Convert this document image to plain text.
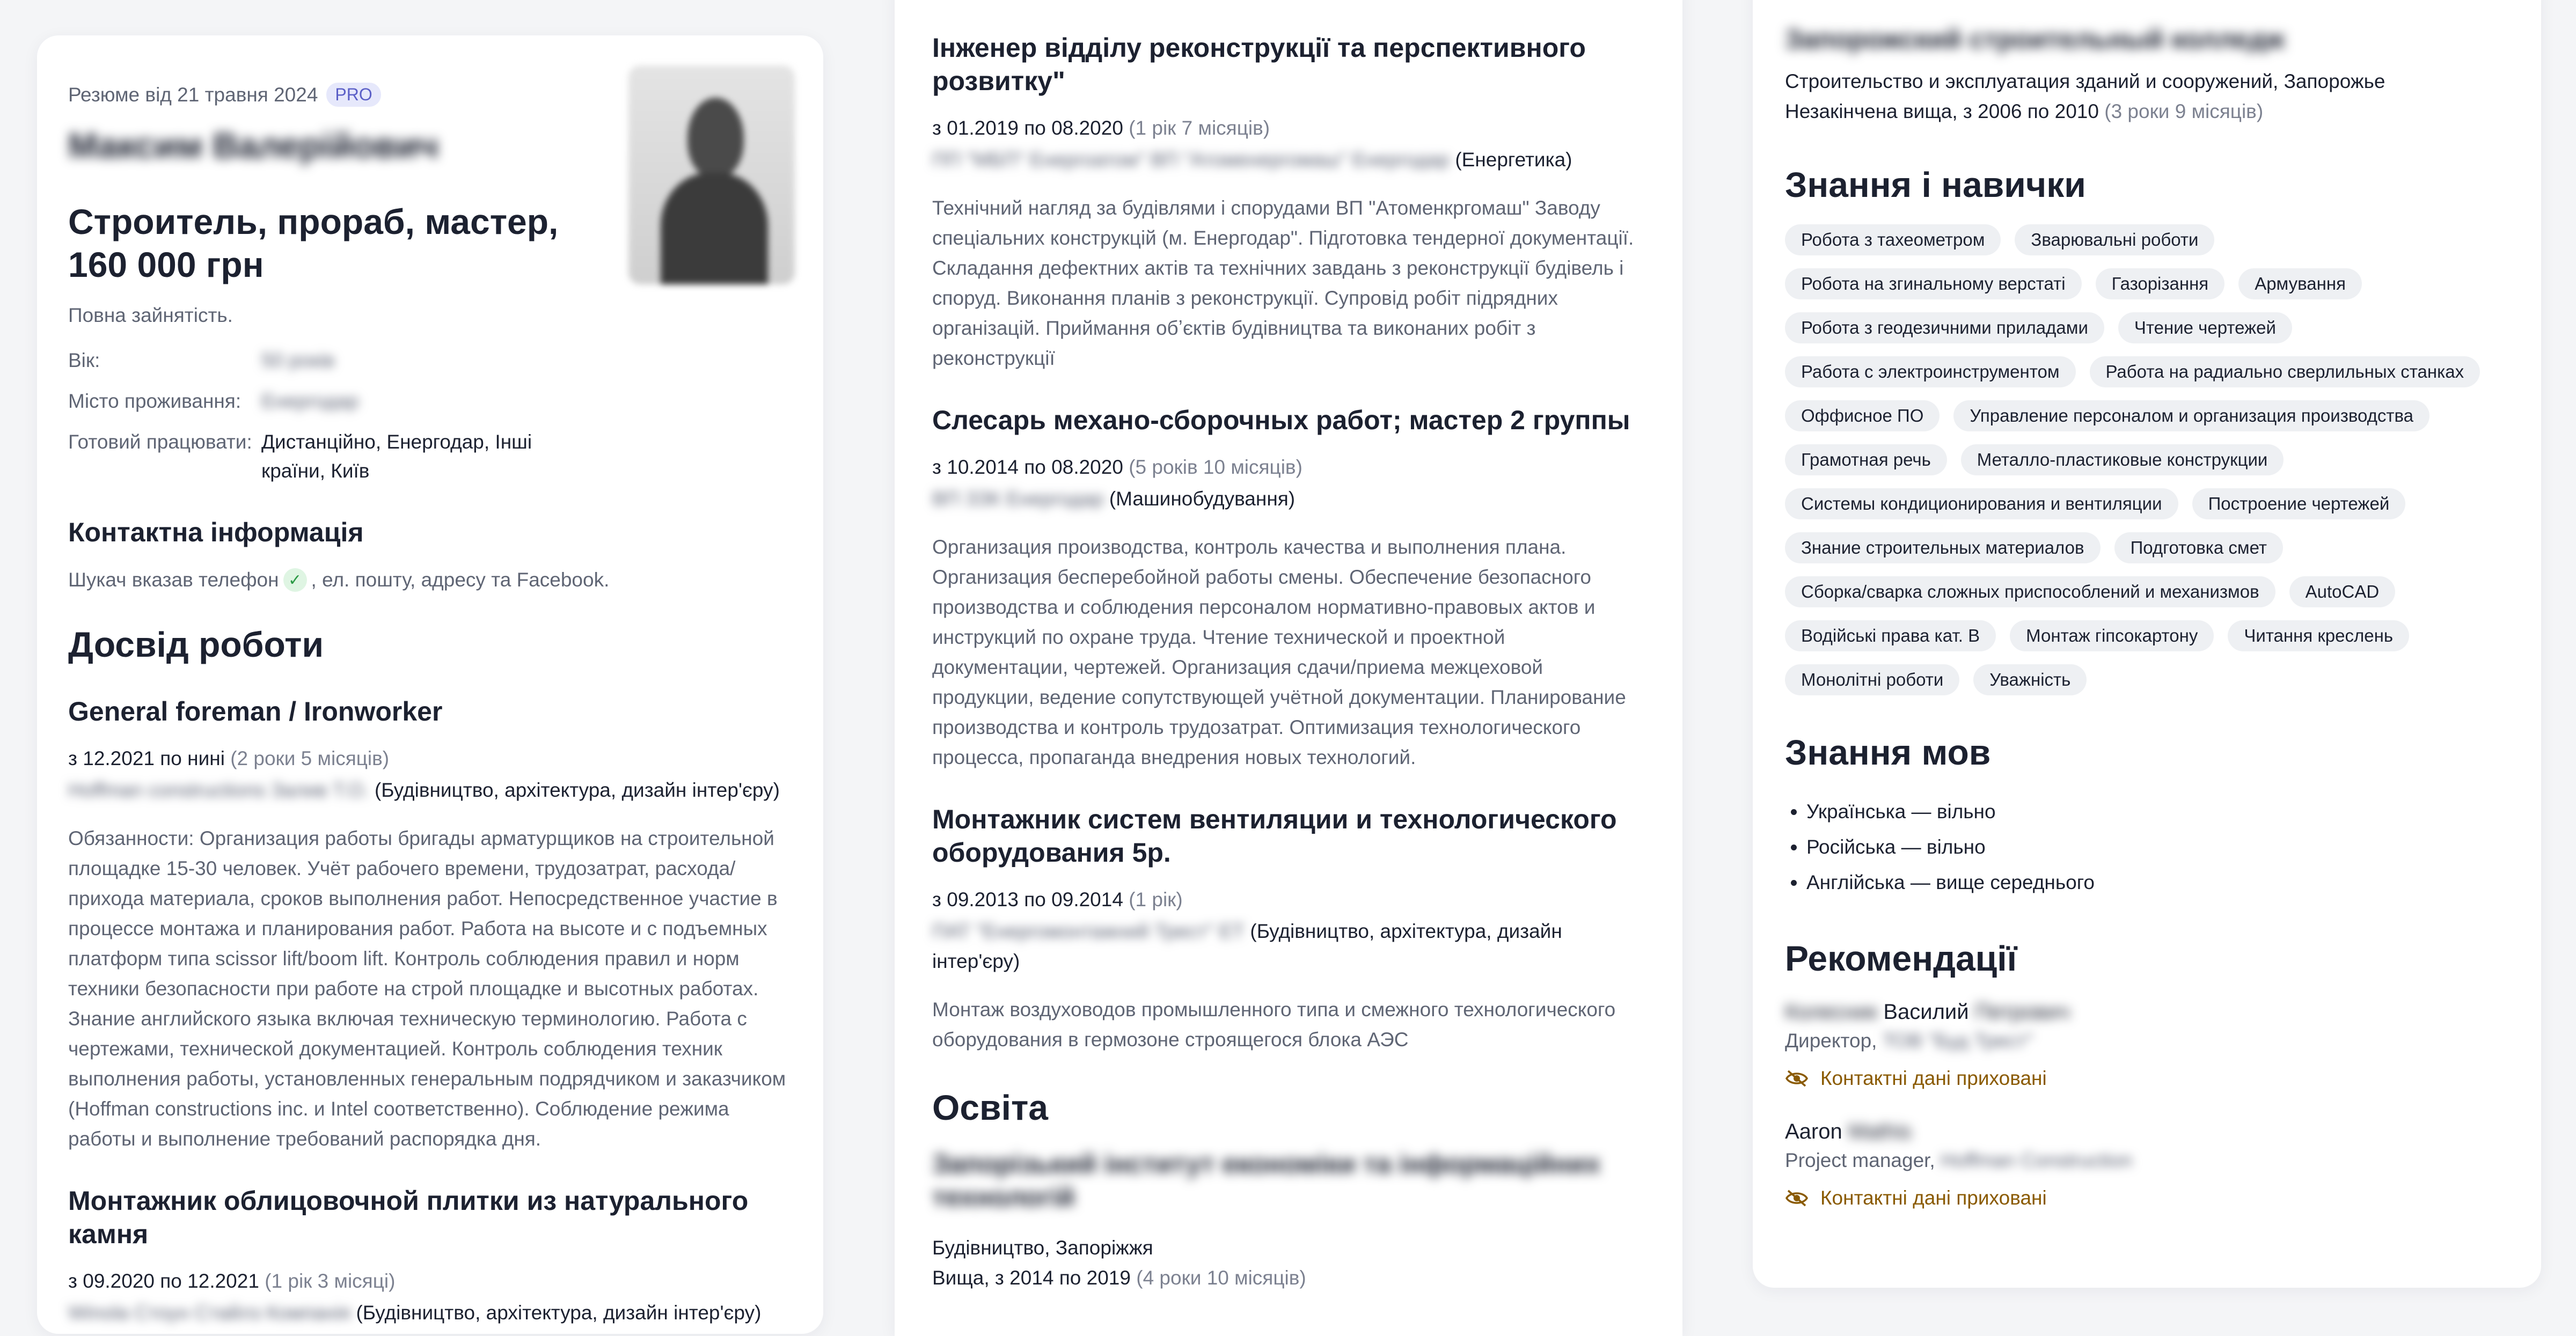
Резюме від 21 травня 2024	PRO
Максим Валерійович
Строитель, прораб, мастер, 160 000 грн
Повна зайнятість.
Вік:	50 років
Місто проживання:	Енергодар
Готовий працювати: Дистанційно, Енергодар, Інші країни, Київ
Контактна інформація
Шукач вказав телефон ✓ , ел. пошту, адресу та Facebook.
Досвід роботи
General foreman / Ironworker
з 12.2021 по нині (2 роки 5 місяців)
Hoffman constructions Залив Т.О. (Будівництво, архітектура, дизайн інтер'єру)
Обязанности: Организация работы бригады арматурщиков на строительной площадке 15-30 человек. Учёт рабочего времени, трудозатрат, расхода/прихода материала, сроков выполнения работ. Непосредственное участие в процессе монтажа и планирования работ. Работа на высоте и с подъемных платформ типа scissor lift/boom lift. Контроль соблюдения правил и норм техники безопасности при работе на строй площадке и высотных работах. Знание английского языка включая техническую терминологию. Работа с чертежами, технической документацией. Контроль соблюдения техник выполнения работы, установленных генеральным подрядчиком и заказчиком (Hoffman constructions inc. и Intel соответственно). Соблюдение режима работы и выполнение требований распорядка дня.
Монтажник облицовочной плитки из натурального камня
з 09.2020 по 12.2021 (1 рік 3 місяці)
Winola Стоун Стайлз Компанія (Будівництво, архітектура, дизайн інтер'єру)
Інженер відділу реконструкції та перспективного розвитку"
з 01.2019 по 08.2020 (1 рік 7 місяців)
ПП "МБП" Енергоатом" ВП "Атоменергомаш" Енергодар (Енергетика)
Технічний нагляд за будівлями і спорудами ВП "Атоменкргомаш" Заводу спеціальних конструкцій (м. Енергодар". Підготовка тендерної документації. Складання дефектних актів та технічних завдань з реконструкції будівель і споруд. Виконання планів з реконструкції. Супровід робіт підрядних організацій. Приймання обʼєктів будівництва та виконаних робіт з реконструкції
Слесарь механо-сборочных работ; мастер 2 группы
з 10.2014 по 08.2020 (5 років 10 місяців)
ВП ЗЗК Енергодар (Машинобудування)
Организация производства, контроль качества и выполнения плана. Организация бесперебойной работы смены. Обеспечение безопасного производства и соблюдения персоналом нормативно-правовых актов и инструкций по охране труда. Чтение технической и проектной документации, чертежей. Организация сдачи/приема межцеховой продукции, ведение сопутствующей учётной документации. Планирование производства и контроль трудозатрат. Оптимизация технологического процесса, пропаганда внедрения новых технологий.
Монтажник систем вентиляции и технологического оборудования 5р.
з 09.2013 по 09.2014 (1 рік)
ПАТ "Енергомонтажний Трест" ЕТ (Будівництво, архітектура, дизайн інтер'єру)
Монтаж воздуховодов промышленного типа и смежного технологического оборудования в гермозоне строящегося блока АЭС
Освіта
Запорізький інститут економіки та інформаційних технологій
Будівництво, Запоріжжя
Вища, з 2014 по 2019 (4 роки 10 місяців)
Запорожский строительный колледж
Строительство и эксплуатация зданий и сооружений, Запорожье
Незакінчена вища, з 2006 по 2010 (3 роки 9 місяців)
Знання і навички
Робота з тахеометром	Зварювальні роботи
Робота на згинальному верстаті	Газорізання	Армування
Робота з геодезичними приладами	Чтение чертежей
Работа с электроинструментом	Работа на радиально сверлильных станках
Оффисное ПО	Управление персоналом и организация производства
Грамотная речь	Металло-пластиковые конструкции
Системы кондиционирования и вентиляции	Построение чертежей
Знание строительных материалов	Подготовка смет
Сборка/сварка сложных приспособлений и механизмов	AutoCAD
Водійські права кат. B	Монтаж гіпсокартону	Читання креслень
Монолітні роботи	Уважність
Знання мов
• Українська — вільно
• Російська — вільно
• Англійська — вище середнього
Рекомендації
Колесник Василий Петрович
Директор, ТОВ "Буд Трест"
Контактні дані приховані
Aaron Mathis
Project manager, Hoffman Construction
Контактні дані приховані
